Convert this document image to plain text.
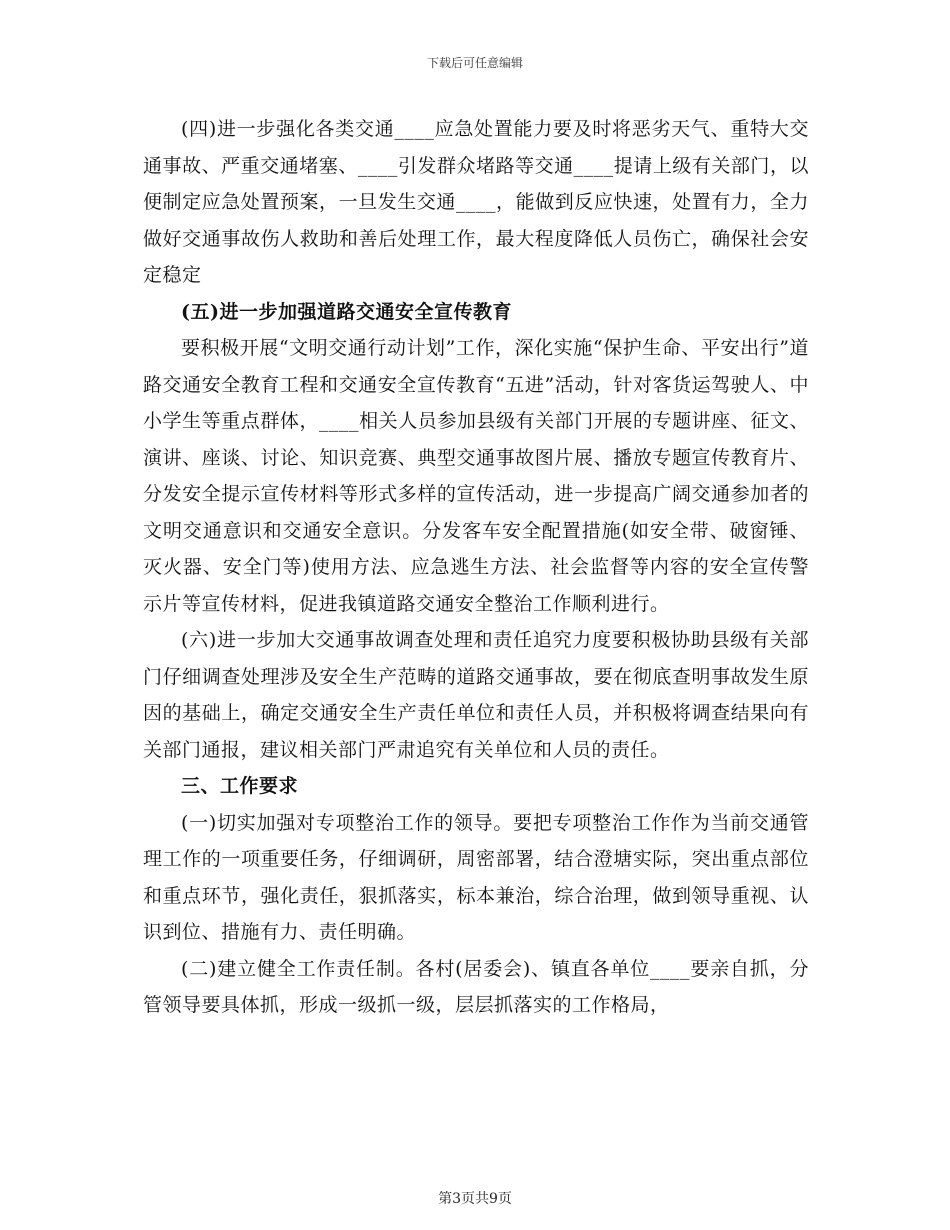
下载后可任意编辑

(四)进一步强化各类交通____应急处置能力要及时将恶劣天气、重特大交通事故、严重交通堵塞、____引发群众堵路等交通____提请上级有关部门，以便制定应急处置预案，一旦发生交通____，能做到反应快速，处置有力，全力做好交通事故伤人救助和善后处理工作，最大程度降低人员伤亡，确保社会安定稳定

(五)进一步加强道路交通安全宣传教育

要积极开展“文明交通行动计划”工作，深化实施“保护生命、平安出行”道路交通安全教育工程和交通安全宣传教育“五进”活动，针对客货运驾驶人、中小学生等重点群体，____相关人员参加县级有关部门开展的专题讲座、征文、演讲、座谈、讨论、知识竞赛、典型交通事故图片展、播放专题宣传教育片、分发安全提示宣传材料等形式多样的宣传活动，进一步提高广阔交通参加者的文明交通意识和交通安全意识。分发客车安全配置措施(如安全带、破窗锤、灭火器、安全门等)使用方法、应急逃生方法、社会监督等内容的安全宣传警示片等宣传材料，促进我镇道路交通安全整治工作顺利进行。

(六)进一步加大交通事故调查处理和责任追究力度要积极协助县级有关部门仔细调查处理涉及安全生产范畴的道路交通事故，要在彻底查明事故发生原因的基础上，确定交通安全生产责任单位和责任人员，并积极将调查结果向有关部门通报，建议相关部门严肃追究有关单位和人员的责任。

三、工作要求

(一)切实加强对专项整治工作的领导。要把专项整治工作作为当前交通管理工作的一项重要任务，仔细调研，周密部署，结合澄塘实际，突出重点部位和重点环节，强化责任，狠抓落实，标本兼治，综合治理，做到领导重视、认识到位、措施有力、责任明确。

(二)建立健全工作责任制。各村(居委会)、镇直各单位____要亲自抓，分管领导要具体抓，形成一级抓一级，层层抓落实的工作格局，

第3页共9页
